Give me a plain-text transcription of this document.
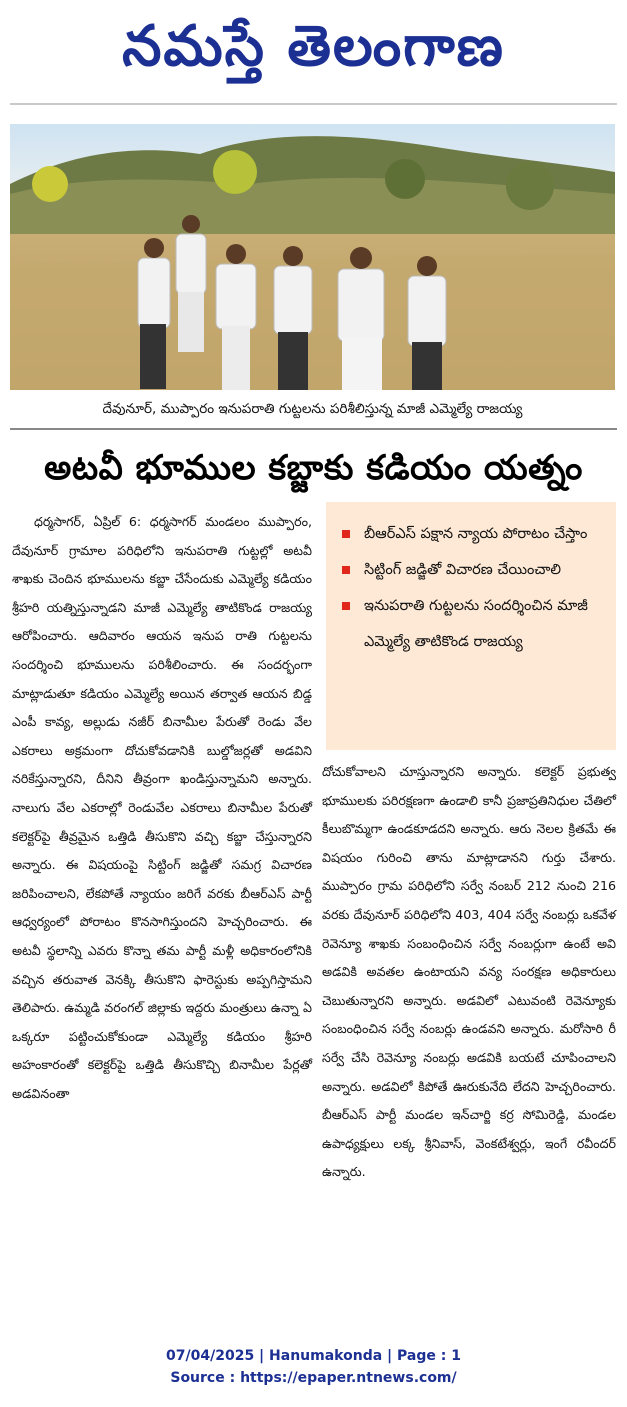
నమస్తే తెలంగాణ
దేవునూర్‌, ముప్పారం ఇనుపరాతి గుట్టలను పరిశీలిస్తున్న మాజీ ఎమ్మెల్యే రాజయ్య
అటవీ భూముల కబ్జాకు కడియం యత్నం

ధర్మసాగర్‌, ఏప్రిల్‌ 6: ధర్మసాగర్‌ మండలం ముప్పారం, దేవునూర్‌ గ్రామాల పరిధిలోని ఇనుపరాతి గుట్టల్లో అటవీ శాఖకు చెందిన భూములను కబ్జా చేసేందుకు ఎమ్మెల్యే కడియం శ్రీహరి యత్నిస్తున్నాడని మాజీ ఎమ్మెల్యే తాటికొండ రాజయ్య ఆరోపించారు. ఆదివారం ఆయన ఇనుప రాతి గుట్టలను సందర్శించి భూములను పరిశీలించారు. ఈ సందర్భంగా మాట్లాడుతూ కడియం ఎమ్మెల్యే అయిన తర్వాత ఆయన బిడ్డ ఎంపీ కావ్య, అల్లుడు నజీర్‌ బినామీల పేరుతో రెండు వేల ఎకరాలు అక్రమంగా దోచుకోవడానికి బుల్డోజర్లతో అడవిని నరికేస్తున్నారని, దీనిని తీవ్రంగా ఖండిస్తున్నామని అన్నారు. నాలుగు వేల ఎకరాల్లో రెండువేల ఎకరాలు బినామీల పేరుతో కలెక్టర్‌పై తీవ్రమైన ఒత్తిడి తీసుకొని వచ్చి కబ్జా చేస్తున్నారని అన్నారు. ఈ విషయంపై సిట్టింగ్‌ జడ్జితో సమగ్ర విచారణ జరిపించాలని, లేకపోతే న్యాయం జరిగే వరకు బీఆర్‌ఎస్‌ పార్టీ ఆధ్వర్యంలో పోరాటం కొనసాగిస్తుందని హెచ్చరించారు. ఈ అటవీ స్థలాన్ని ఎవరు కొన్నా తమ పార్టీ మళ్లీ అధికారంలోనికి వచ్చిన తరువాత వెనక్కి తీసుకొని ఫారెస్టుకు అప్పగిస్తామని తెలిపారు. ఉమ్మడి వరంగల్‌ జిల్లాకు ఇద్దరు మంత్రులు ఉన్నా ఏ ఒక్కరూ పట్టించుకోకుండా ఎమ్మెల్యే కడియం శ్రీహరి అహంకారంతో కలెక్టర్‌పై ఒత్తిడి తీసుకొచ్చి బినామీల పేర్లతో అడవినంతా

బీఆర్‌ఎస్‌ పక్షాన న్యాయ పోరాటం చేస్తాం
సిట్టింగ్‌ జడ్జితో విచారణ చేయించాలి
ఇనుపరాతి గుట్టలను సందర్శించిన మాజీ ఎమ్మెల్యే తాటికొండ రాజయ్య

దోచుకోవాలని చూస్తున్నారని అన్నారు. కలెక్టర్‌ ప్రభుత్వ భూములకు పరిరక్షణగా ఉండాలి కానీ ప్రజాప్రతినిధుల చేతిలో కీలుబొమ్మగా ఉండకూడదని అన్నారు. ఆరు నెలల క్రితమే ఈ విషయం గురించి తాను మాట్లాడానని గుర్తు చేశారు. ముప్పారం గ్రామ పరిధిలోని సర్వే నంబర్‌ 212 నుంచి 216 వరకు దేవునూర్‌ పరిధిలోని 403, 404 సర్వే నంబర్లు ఒకవేళ రెవెన్యూ శాఖకు సంబంధించిన సర్వే నంబర్లుగా ఉంటే అవి అడవికి అవతల ఉంటాయని వన్య సంరక్షణ అధికారులు చెబుతున్నారని అన్నారు. అడవిలో ఎటువంటి రెవెన్యూకు సంబంధించిన సర్వే నంబర్లు ఉండవని అన్నారు. మరోసారి రీ సర్వే చేసి రెవెన్యూ నంబర్లు అడవికి బయటే చూపించాలని అన్నారు. అడవిలో కిపోతే ఊరుకునేది లేదని హెచ్చరించారు. బీఆర్‌ఎస్‌ పార్టీ మండల ఇన్‌చార్జి కర్ర సోమిరెడ్డి, మండల ఉపాధ్యక్షులు లక్క శ్రీనివాస్‌, వెంకటేశ్వర్లు, ఇంగే రవీందర్‌ ఉన్నారు.

07/04/2025 | Hanumakonda | Page : 1
Source : https://epaper.ntnews.com/
